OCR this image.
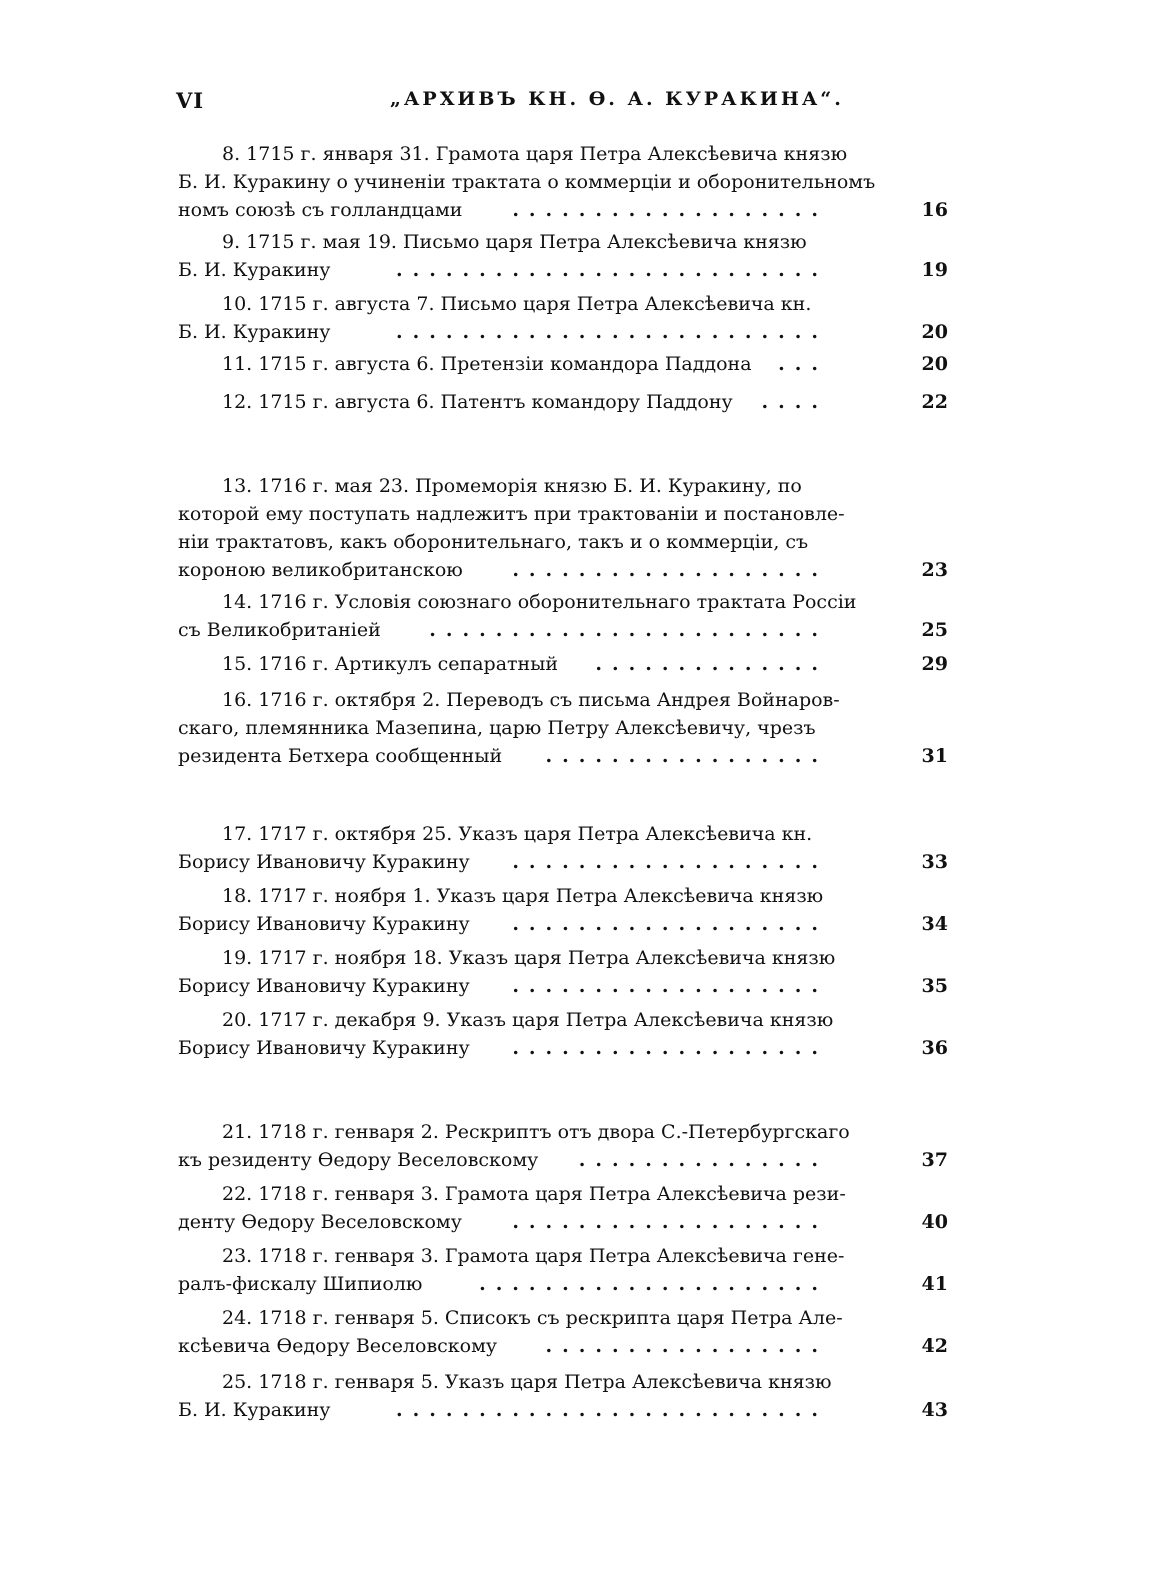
VI	„АРХИВЪ КН. Ѳ. А. КУРАКИНА“.
8. 1715 г. января 31. Грамота царя Петра Алексѣевича князю
Б. И. Куракину о учиненiи трактата о коммерцiи и оборонительномъ
номъ союзѣ съ голландцами	...................	16
9. 1715 г. мая 19. Письмо царя Петра Алексѣевича князю
Б. И. Куракину	..........................	19
10. 1715 г. августа 7. Письмо царя Петра Алексѣевича кн.
Б. И. Куракину	..........................	20
11. 1715 г. августа 6. Претензiи командора Паддона ...	20
12. 1715 г. августа 6. Патентъ командору Паддону ....	22
13. 1716 г. мая 23. Промеморiя князю Б. И. Куракину, по
которой ему поступать надлежитъ при трактованiи и постановле-
нiи трактатовъ, какъ оборонительнаго, такъ и о коммерцiи, съ
короною великобританскою	...................	23
14. 1716 г. Условiя союзнаго оборонительнаго трактата Россiи
съ Великобританiей	........................	25
15. 1716 г. Артикулъ сепаратный ..............	29
16. 1716 г. октября 2. Переводъ съ письма Андрея Войнаров-
скаго, племянника Мазепина, царю Петру Алексѣевичу, чрезъ
резидента Бетхера сообщенный .................	31
17. 1717 г. октября 25. Указъ царя Петра Алексѣевича кн.
Борису Ивановичу Куракину ...................	33
18. 1717 г. ноября 1. Указъ царя Петра Алексѣевича князю
Борису Ивановичу Куракину ...................	34
19. 1717 г. ноября 18. Указъ царя Петра Алексѣевича князю
Борису Ивановичу Куракину ...................	35
20. 1717 г. декабря 9. Указъ царя Петра Алексѣевича князю
Борису Ивановичу Куракину ...................	36
21. 1718 г. генваря 2. Рескриптъ отъ двора С.-Петербургскаго
къ резиденту Ѳедору Веселовскому ...............	37
22. 1718 г. генваря 3. Грамота царя Петра Алексѣевича рези-
денту Ѳедору Веселовскому	...................	40
23. 1718 г. генваря 3. Грамота царя Петра Алексѣевича гене-
ралъ-фискалу Шипиолю	.....................	41
24. 1718 г. генваря 5. Списокъ съ рескрипта царя Петра Але-
ксѣевича Ѳедору Веселовскому	.................	42
25. 1718 г. генваря 5. Указъ царя Петра Алексѣевича князю
Б. И. Куракину	..........................	43
